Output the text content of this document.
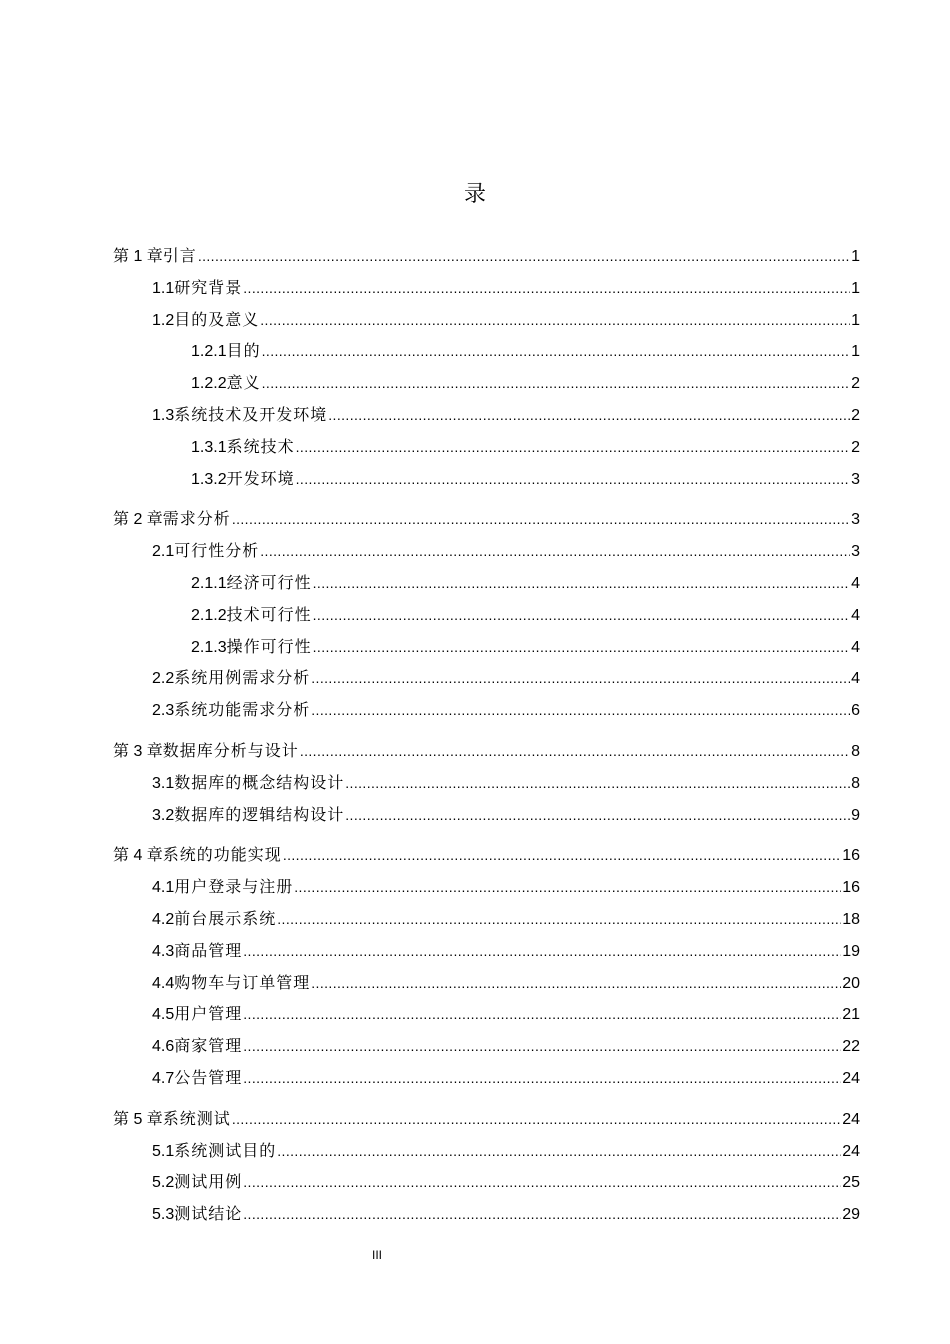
录
第 1 章 引言 .....	1
1.1 研究背景 .....	1
1.2 目的及意义 .....	1
1.2.1 目的 .....	1
1.2.2 意义 .....	2
1.3 系统技术及开发环境 .....	2
1.3.1 系统技术 .....	2
1.3.2 开发环境 .....	3
第 2 章 需求分析 .....	3
2.1 可行性分析 .....	3
2.1.1 经济可行性 .....	4
2.1.2 技术可行性 .....	4
2.1.3 操作可行性 .....	4
2.2 系统用例需求分析 .....	4
2.3 系统功能需求分析 .....	6
第 3 章 数据库分析与设计 .....	8
3.1 数据库的概念结构设计 .....	8
3.2 数据库的逻辑结构设计 .....	9
第 4 章 系统的功能实现 .....	16
4.1 用户登录与注册 .....	16
4.2 前台展示系统 .....	18
4.3 商品管理 .....	19
4.4 购物车与订单管理 .....	20
4.5 用户管理 .....	21
4.6 商家管理 .....	22
4.7 公告管理 .....	24
第 5 章 系统测试 .....	24
5.1 系统测试目的 .....	24
5.2 测试用例 .....	25
5.3 测试结论 .....	29
III
